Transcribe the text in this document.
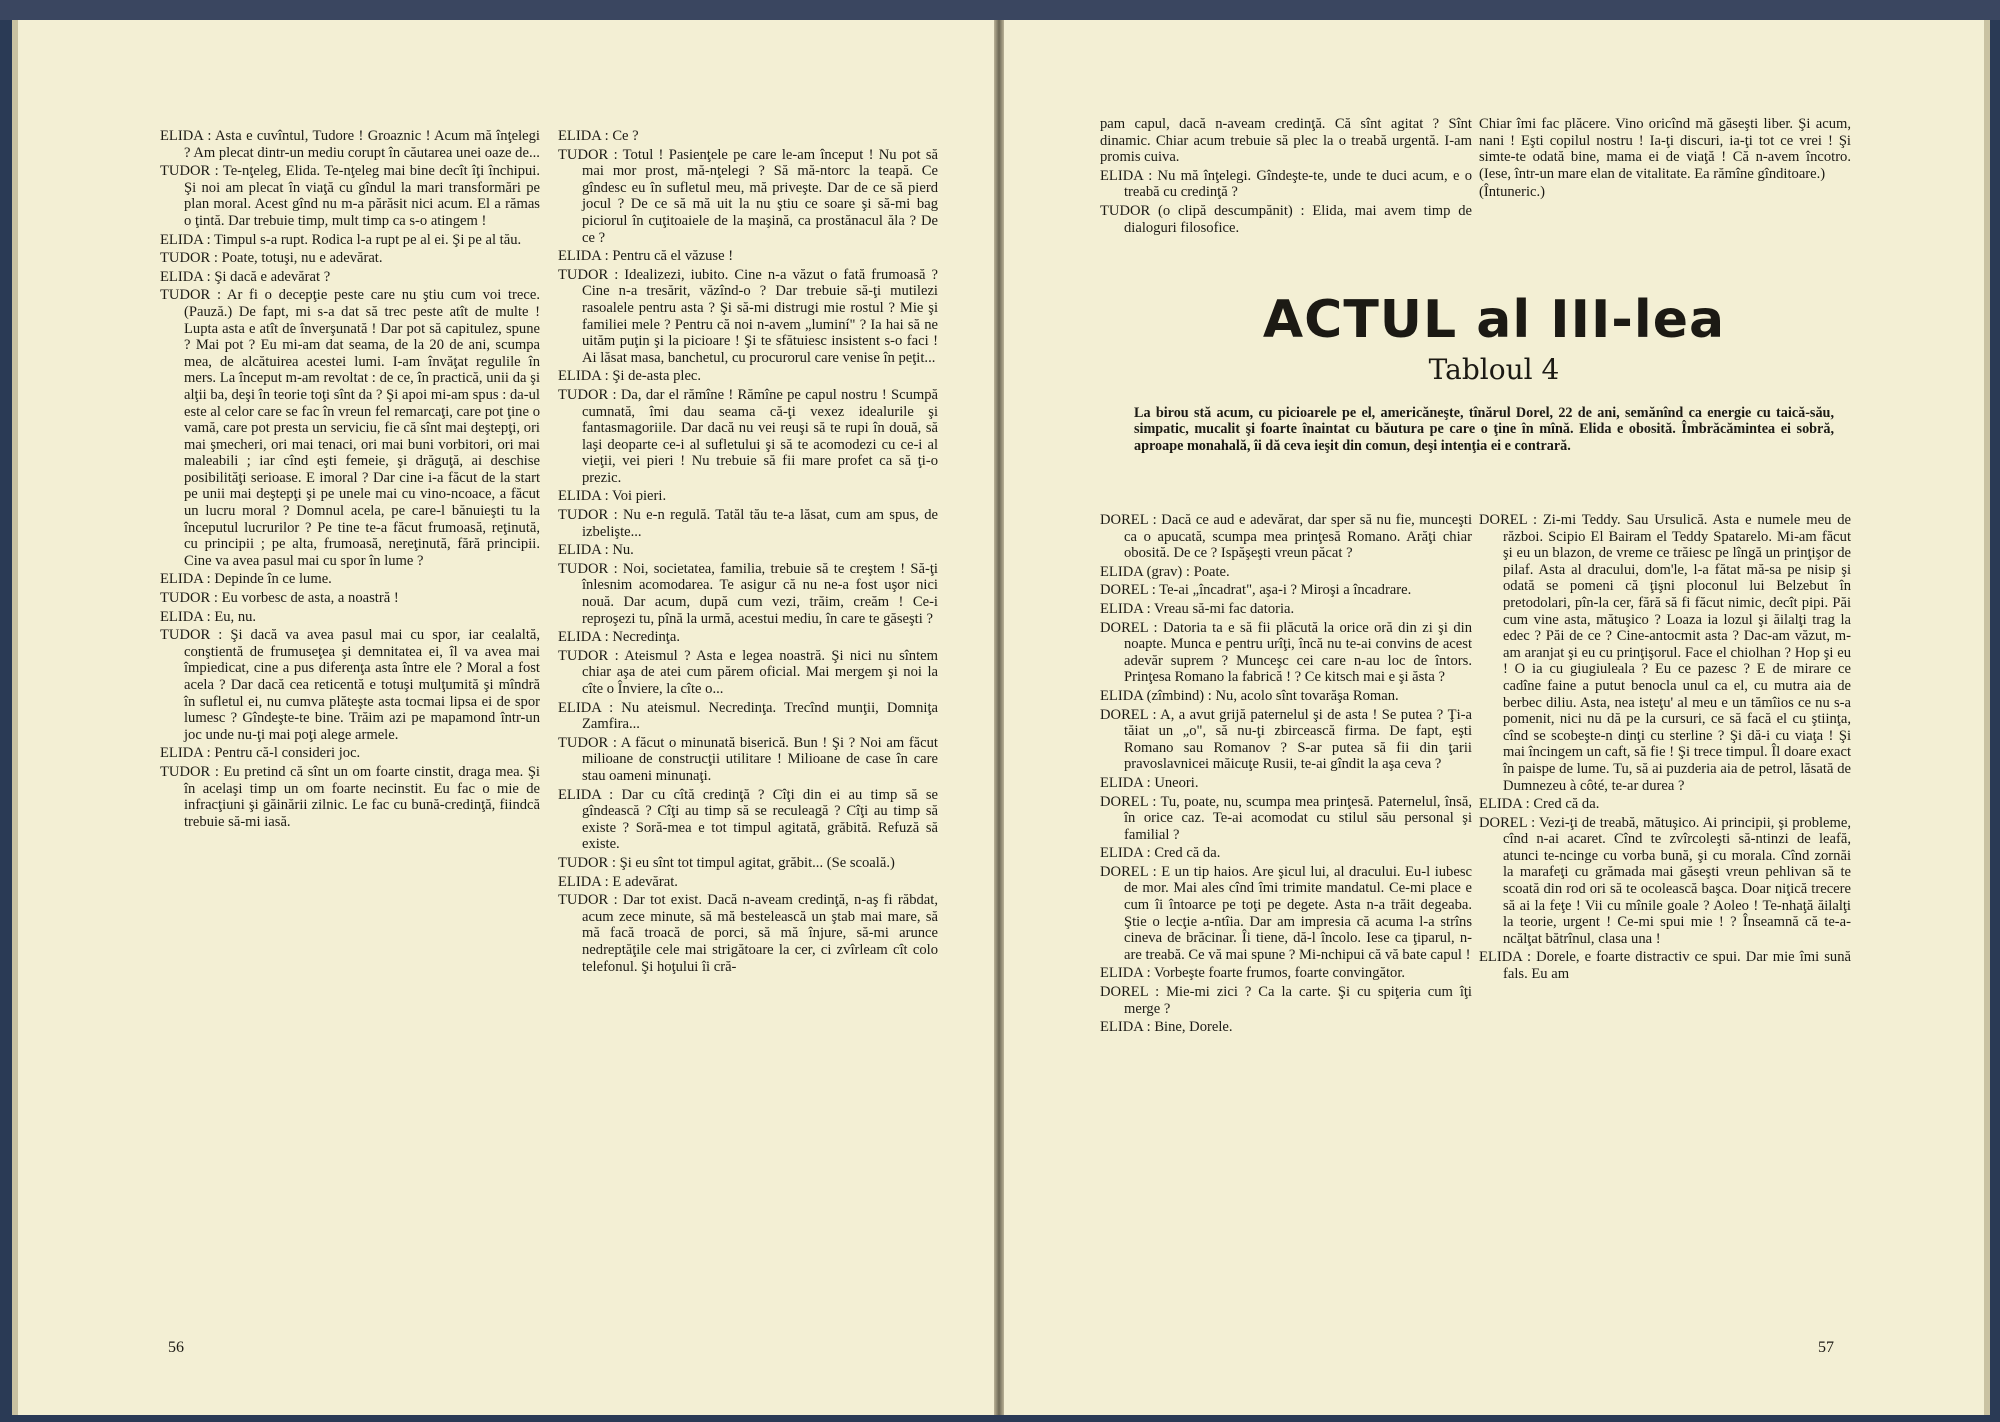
ELIDA : Asta e cuvîntul, Tudore ! Groaznic ! Acum mă înţelegi ? Am plecat dintr-un mediu corupt în căutarea unei oaze de...

TUDOR : Te-nţeleg, Elida. Te-nţeleg mai bine decît îţi închipui. Şi noi am plecat în viaţă cu gîndul la mari transformări pe plan moral. Acest gînd nu m-a părăsit nici acum. El a rămas o ţintă. Dar trebuie timp, mult timp ca s-o atingem !

ELIDA : Timpul s-a rupt. Rodica l-a rupt pe al ei. Şi pe al tău.

TUDOR : Poate, totuşi, nu e adevărat.

ELIDA : Şi dacă e adevărat ?

TUDOR : Ar fi o decepţie peste care nu ştiu cum voi trece. (Pauză.) De fapt, mi s-a dat să trec peste atît de multe ! Lupta asta e atît de înverşunată ! Dar pot să capitulez, spune ? Mai pot ? Eu mi-am dat seama, de la 20 de ani, scumpa mea, de alcătuirea acestei lumi. I-am învăţat regulile în mers. La început m-am revoltat : de ce, în practică, unii da şi alţii ba, deşi în teorie toţi sînt da ? Şi apoi mi-am spus : da-ul este al celor care se fac în vreun fel remarcaţi, care pot ţine o vamă, care pot presta un serviciu, fie că sînt mai deştepţi, ori mai şmecheri, ori mai tenaci, ori mai buni vorbitori, ori mai maleabili ; iar cînd eşti femeie, şi drăguţă, ai deschise posibilităţi serioase. E imoral ? Dar cine i-a făcut de la start pe unii mai deştepţi şi pe unele mai cu vino-ncoace, a făcut un lucru moral ? Domnul acela, pe care-l bănuieşti tu la începutul lucrurilor ? Pe tine te-a făcut frumoasă, reţinută, cu principii ; pe alta, frumoasă, nereţinută, fără principii. Cine va avea pasul mai cu spor în lume ?

ELIDA : Depinde în ce lume.

TUDOR : Eu vorbesc de asta, a noastră !

ELIDA : Eu, nu.

TUDOR : Şi dacă va avea pasul mai cu spor, iar cealaltă, conştientă de frumuseţea şi demnitatea ei, îl va avea mai împiedicat, cine a pus diferenţa asta între ele ? Moral a fost acela ? Dar dacă cea reticentă e totuşi mulţumită şi mîndră în sufletul ei, nu cumva plăteşte asta tocmai lipsa ei de spor lumesc ? Gîndeşte-te bine. Trăim azi pe mapamond într-un joc unde nu-ţi mai poţi alege armele.

ELIDA : Pentru că-l consideri joc.

TUDOR : Eu pretind că sînt un om foarte cinstit, draga mea. Şi în acelaşi timp un om foarte necinstit. Eu fac o mie de infracţiuni şi găinării zilnic. Le fac cu bună-credinţă, fiindcă trebuie să-mi iasă.

ELIDA : Ce ?

TUDOR : Totul ! Pasienţele pe care le-am început ! Nu pot să mai mor prost, mă-nţelegi ? Să mă-ntorc la teapă. Ce gîndesc eu în sufletul meu, mă priveşte. Dar de ce să pierd jocul ? De ce să mă uit la nu ştiu ce soare şi să-mi bag piciorul în cuţitoaiele de la maşină, ca prostănacul ăla ? De ce ?

ELIDA : Pentru că el văzuse !

TUDOR : Idealizezi, iubito. Cine n-a văzut o fată frumoasă ? Cine n-a tresărit, văzînd-o ? Dar trebuie să-ţi mutilezi rasoalele pentru asta ? Şi să-mi distrugi mie rostul ? Mie şi familiei mele ? Pentru că noi n-avem „luminí" ? Ia hai să ne uităm puţin şi la picioare ! Şi te sfătuiesc insistent s-o faci ! Ai lăsat masa, banchetul, cu procurorul care venise în peţit...

ELIDA : Şi de-asta plec.

TUDOR : Da, dar el rămîne ! Rămîne pe capul nostru ! Scumpă cumnată, îmi dau seama că-ţi vexez idealurile şi fantasmagoriile. Dar dacă nu vei reuşi să te rupi în două, să laşi deoparte ce-i al sufletului şi să te acomodezi cu ce-i al vieţii, vei pieri ! Nu trebuie să fii mare profet ca să ţi-o prezic.

ELIDA : Voi pieri.

TUDOR : Nu e-n regulă. Tatăl tău te-a lăsat, cum am spus, de izbelişte...

ELIDA : Nu.

TUDOR : Noi, societatea, familia, trebuie să te creştem ! Să-ţi înlesnim acomodarea. Te asigur că nu ne-a fost uşor nici nouă. Dar acum, după cum vezi, trăim, creăm ! Ce-i reproşezi tu, pînă la urmă, acestui mediu, în care te găseşti ?

ELIDA : Necredinţa.

TUDOR : Ateismul ? Asta e legea noastră. Şi nici nu sîntem chiar aşa de atei cum părem oficial. Mai mergem şi noi la cîte o Înviere, la cîte o...

ELIDA : Nu ateismul. Necredinţa. Trecînd munţii, Domniţa Zamfira...

TUDOR : A făcut o minunată biserică. Bun ! Şi ? Noi am făcut milioane de construcţii utilitare ! Milioane de case în care stau oameni minunaţi.

ELIDA : Dar cu cîtă credinţă ? Cîţi din ei au timp să se gîndească ? Cîţi au timp să se reculeagă ? Cîţi au timp să existe ? Soră-mea e tot timpul agitată, grăbită. Refuză să existe.

TUDOR : Şi eu sînt tot timpul agitat, grăbit... (Se scoală.)

ELIDA : E adevărat.

TUDOR : Dar tot exist. Dacă n-aveam credinţă, n-aş fi răbdat, acum zece minute, să mă bestelească un ştab mai mare, să mă facă troacă de porci, să mă înjure, să-mi arunce nedreptăţile cele mai strigătoare la cer, ci zvîrleam cît colo telefonul. Şi hoţului îi cră-

56

pam capul, dacă n-aveam credinţă. Că sînt agitat ? Sînt dinamic. Chiar acum trebuie să plec la o treabă urgentă. I-am promis cuiva.

ELIDA : Nu mă înţelegi. Gîndeşte-te, unde te duci acum, e o treabă cu credinţă ?

TUDOR (o clipă descumpănit) : Elida, mai avem timp de dialoguri filosofice.

Chiar îmi fac plăcere. Vino oricînd mă găseşti liber. Şi acum, nani ! Eşti copilul nostru ! Ia-ţi discuri, ia-ţi tot ce vrei ! Şi simte-te odată bine, mama ei de viaţă ! Că n-avem încotro. (Iese, într-un mare elan de vitalitate. Ea rămîne gînditoare.)

(Întuneric.)

ACTUL al III-lea
Tabloul 4
La birou stă acum, cu picioarele pe el, americăneşte, tînărul Dorel, 22 de ani, semănînd ca energie cu taică-său, simpatic, mucalit şi foarte înaintat cu băutura pe care o ţine în mînă. Elida e obosită. Îmbrăcămintea ei sobră, aproape monahală, îi dă ceva ieşit din comun, deşi intenţia ei e contrară.

DOREL : Dacă ce aud e adevărat, dar sper să nu fie, munceşti ca o apucată, scumpa mea prinţesă Romano. Arăţi chiar obosită. De ce ? Ispăşeşti vreun păcat ?

ELIDA (grav) : Poate.

DOREL : Te-ai „încadrat", aşa-i ? Miroşi a încadrare.

ELIDA : Vreau să-mi fac datoria.

DOREL : Datoria ta e să fii plăcută la orice oră din zi şi din noapte. Munca e pentru urîţi, încă nu te-ai convins de acest adevăr suprem ? Munceşc cei care n-au loc de întors. Prinţesa Romano la fabrică ! ? Ce kitsch mai e şi ăsta ?

ELIDA (zîmbind) : Nu, acolo sînt tovarăşa Roman.

DOREL : A, a avut grijă paternelul şi de asta ! Se putea ? Ţi-a tăiat un „o", să nu-ţi zbircească firma. De fapt, eşti Romano sau Romanov ? S-ar putea să fii din ţarii pravoslavnicei măicuţe Rusii, te-ai gîndit la aşa ceva ?

ELIDA : Uneori.

DOREL : Tu, poate, nu, scumpa mea prinţesă. Paternelul, însă, în orice caz. Te-ai acomodat cu stilul său personal şi familial ?

ELIDA : Cred că da.

DOREL : E un tip haios. Are şicul lui, al dracului. Eu-l iubesc de mor. Mai ales cînd îmi trimite mandatul. Ce-mi place e cum îi întoarce pe toţi pe degete. Asta n-a trăit degeaba. Ştie o lecţie a-ntîia. Dar am impresia că acuma l-a strîns cineva de brăcinar. Îi tiene, dă-l încolo. Iese ca ţiparul, n-are treabă. Ce vă mai spune ? Mi-nchipui că vă bate capul !

ELIDA : Vorbeşte foarte frumos, foarte convingător.

DOREL : Mie-mi zici ? Ca la carte. Şi cu spiţeria cum îţi merge ?

ELIDA : Bine, Dorele.

DOREL : Zi-mi Teddy. Sau Ursulică. Asta e numele meu de război. Scipio El Bairam el Teddy Spatarelo. Mi-am făcut şi eu un blazon, de vreme ce trăiesc pe lîngă un prinţişor de pilaf. Asta al dracului, dom'le, l-a fătat mă-sa pe nisip şi odată se pomeni că ţişni ploconul lui Belzebut în pretodolari, pîn-la cer, fără să fi făcut nimic, decît pipi. Păi cum vine asta, mătuşico ? Loaza ia lozul şi ăilalţi trag la edec ? Păi de ce ? Cine-antocmit asta ? Dac-am văzut, m-am aranjat şi eu cu prinţişorul. Face el chiolhan ? Hop şi eu ! O ia cu giugiuleala ? Eu ce pazesc ? E de mirare ce cadîne faine a putut benocla unul ca el, cu mutra aia de berbec diliu. Asta, nea isteţu' al meu e un tămîios ce nu s-a pomenit, nici nu dă pe la cursuri, ce să facă el cu ştiinţa, cînd se scobeşte-n dinţi cu sterline ? Şi dă-i cu viaţa ! Şi mai încingem un caft, să fie ! Şi trece timpul. Îl doare exact în paispe de lume. Tu, să ai puzderia aia de petrol, lăsată de Dumnezeu à côté, te-ar durea ?

ELIDA : Cred că da.

DOREL : Vezi-ţi de treabă, mătuşico. Ai principii, şi probleme, cînd n-ai acaret. Cînd te zvîrcoleşti să-ntinzi de leafă, atunci te-ncinge cu vorba bună, şi cu morala. Cînd zornăi la marafeţi cu grămada mai găseşti vreun pehlivan să te scoată din rod ori să te ocolească başca. Doar niţică trecere să ai la feţe ! Vii cu mînile goale ? Aoleo ! Te-nhaţă ăilalţi la teorie, urgent ! Ce-mi spui mie ! ? Înseamnă că te-a-ncălţat bătrînul, clasa una !

ELIDA : Dorele, e foarte distractiv ce spui. Dar mie îmi sună fals. Eu am

57
